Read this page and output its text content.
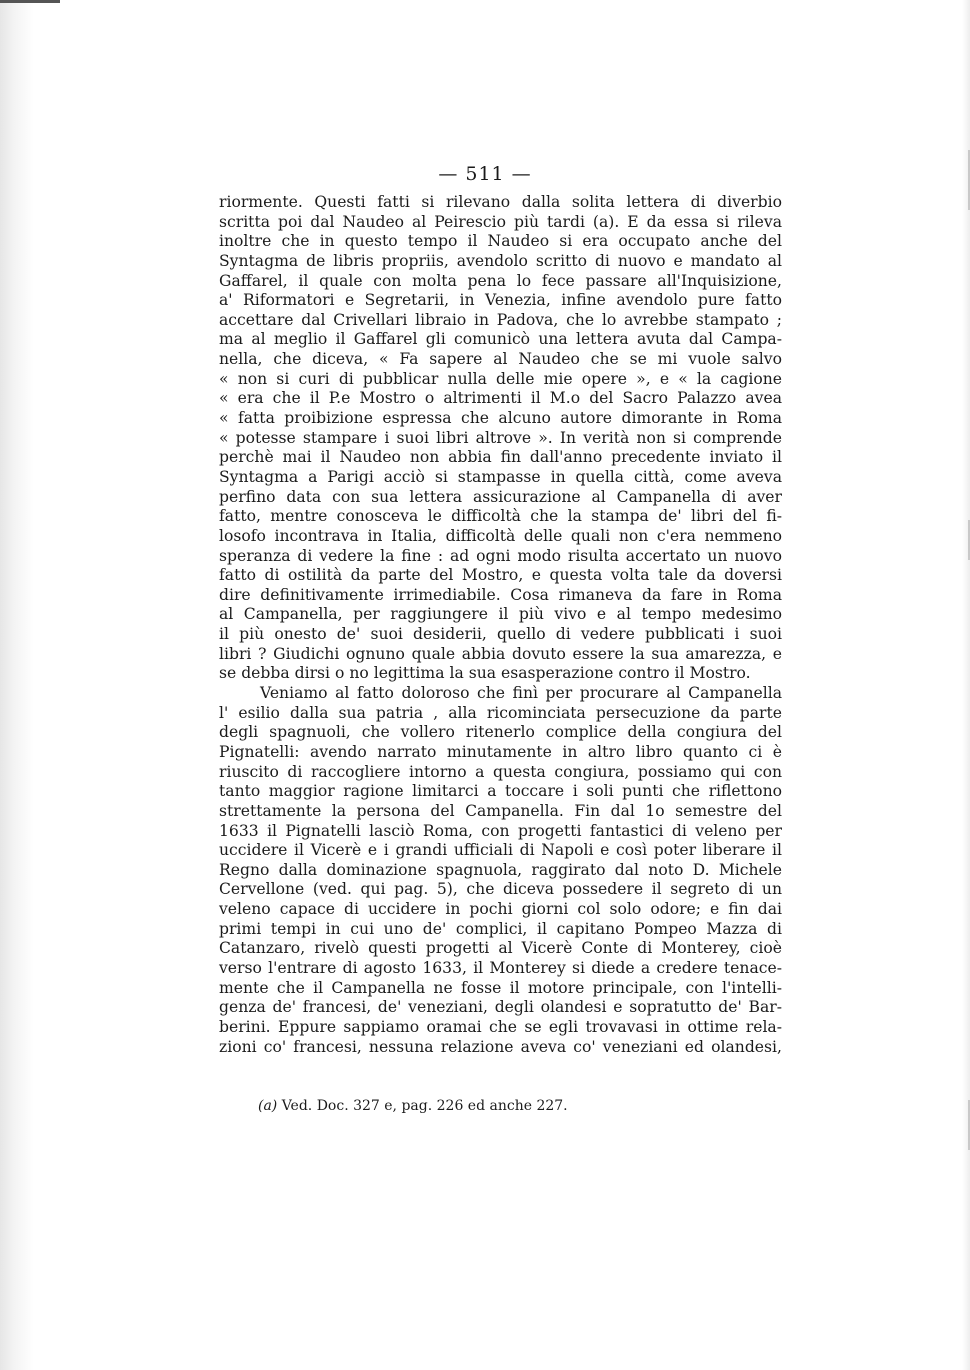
— 511 —
riormente. Questi fatti si rilevano dalla solita lettera di diverbio
scritta poi dal Naudeo al Peirescio più tardi (a). E da essa si rileva
inoltre che in questo tempo il Naudeo si era occupato anche del
Syntagma de libris propriis, avendolo scritto di nuovo e mandato al
Gaffarel, il quale con molta pena lo fece passare all'Inquisizione,
a' Riformatori e Segretarii, in Venezia, infine avendolo pure fatto
accettare dal Crivellari libraio in Padova, che lo avrebbe stampato ;
ma al meglio il Gaffarel gli comunicò una lettera avuta dal Campa-
nella, che diceva, « Fa sapere al Naudeo che se mi vuole salvo
« non si curi di pubblicar nulla delle mie opere », e « la cagione
« era che il P.e Mostro o altrimenti il M.o del Sacro Palazzo avea
« fatta proibizione espressa che alcuno autore dimorante in Roma
« potesse stampare i suoi libri altrove ». In verità non si comprende
perchè mai il Naudeo non abbia fin dall'anno precedente inviato il
Syntagma a Parigi acciò si stampasse in quella città, come aveva
perfino data con sua lettera assicurazione al Campanella di aver
fatto, mentre conosceva le difficoltà che la stampa de' libri del fi-
losofo incontrava in Italia, difficoltà delle quali non c'era nemmeno
speranza di vedere la fine : ad ogni modo risulta accertato un nuovo
fatto di ostilità da parte del Mostro, e questa volta tale da doversi
dire definitivamente irrimediabile. Cosa rimaneva da fare in Roma
al Campanella, per raggiungere il più vivo e al tempo medesimo
il più onesto de' suoi desiderii, quello di vedere pubblicati i suoi
libri ? Giudichi ognuno quale abbia dovuto essere la sua amarezza, e
se debba dirsi o no legittima la sua esasperazione contro il Mostro.
Veniamo al fatto doloroso che finì per procurare al Campanella
l' esilio dalla sua patria , alla ricominciata persecuzione da parte
degli spagnuoli, che vollero ritenerlo complice della congiura del
Pignatelli: avendo narrato minutamente in altro libro quanto ci è
riuscito di raccogliere intorno a questa congiura, possiamo qui con
tanto maggior ragione limitarci a toccare i soli punti che riflettono
strettamente la persona del Campanella. Fin dal 1o semestre del
1633 il Pignatelli lasciò Roma, con progetti fantastici di veleno per
uccidere il Vicerè e i grandi ufficiali di Napoli e così poter liberare il
Regno dalla dominazione spagnuola, raggirato dal noto D. Michele
Cervellone (ved. qui pag. 5), che diceva possedere il segreto di un
veleno capace di uccidere in pochi giorni col solo odore; e fin dai
primi tempi in cui uno de' complici, il capitano Pompeo Mazza di
Catanzaro, rivelò questi progetti al Vicerè Conte di Monterey, cioè
verso l'entrare di agosto 1633, il Monterey si diede a credere tenace-
mente che il Campanella ne fosse il motore principale, con l'intelli-
genza de' francesi, de' veneziani, degli olandesi e sopratutto de' Bar-
berini. Eppure sappiamo oramai che se egli trovavasi in ottime rela-
zioni co' francesi, nessuna relazione aveva co' veneziani ed olandesi,
(a) Ved. Doc. 327 e, pag. 226 ed anche 227.
